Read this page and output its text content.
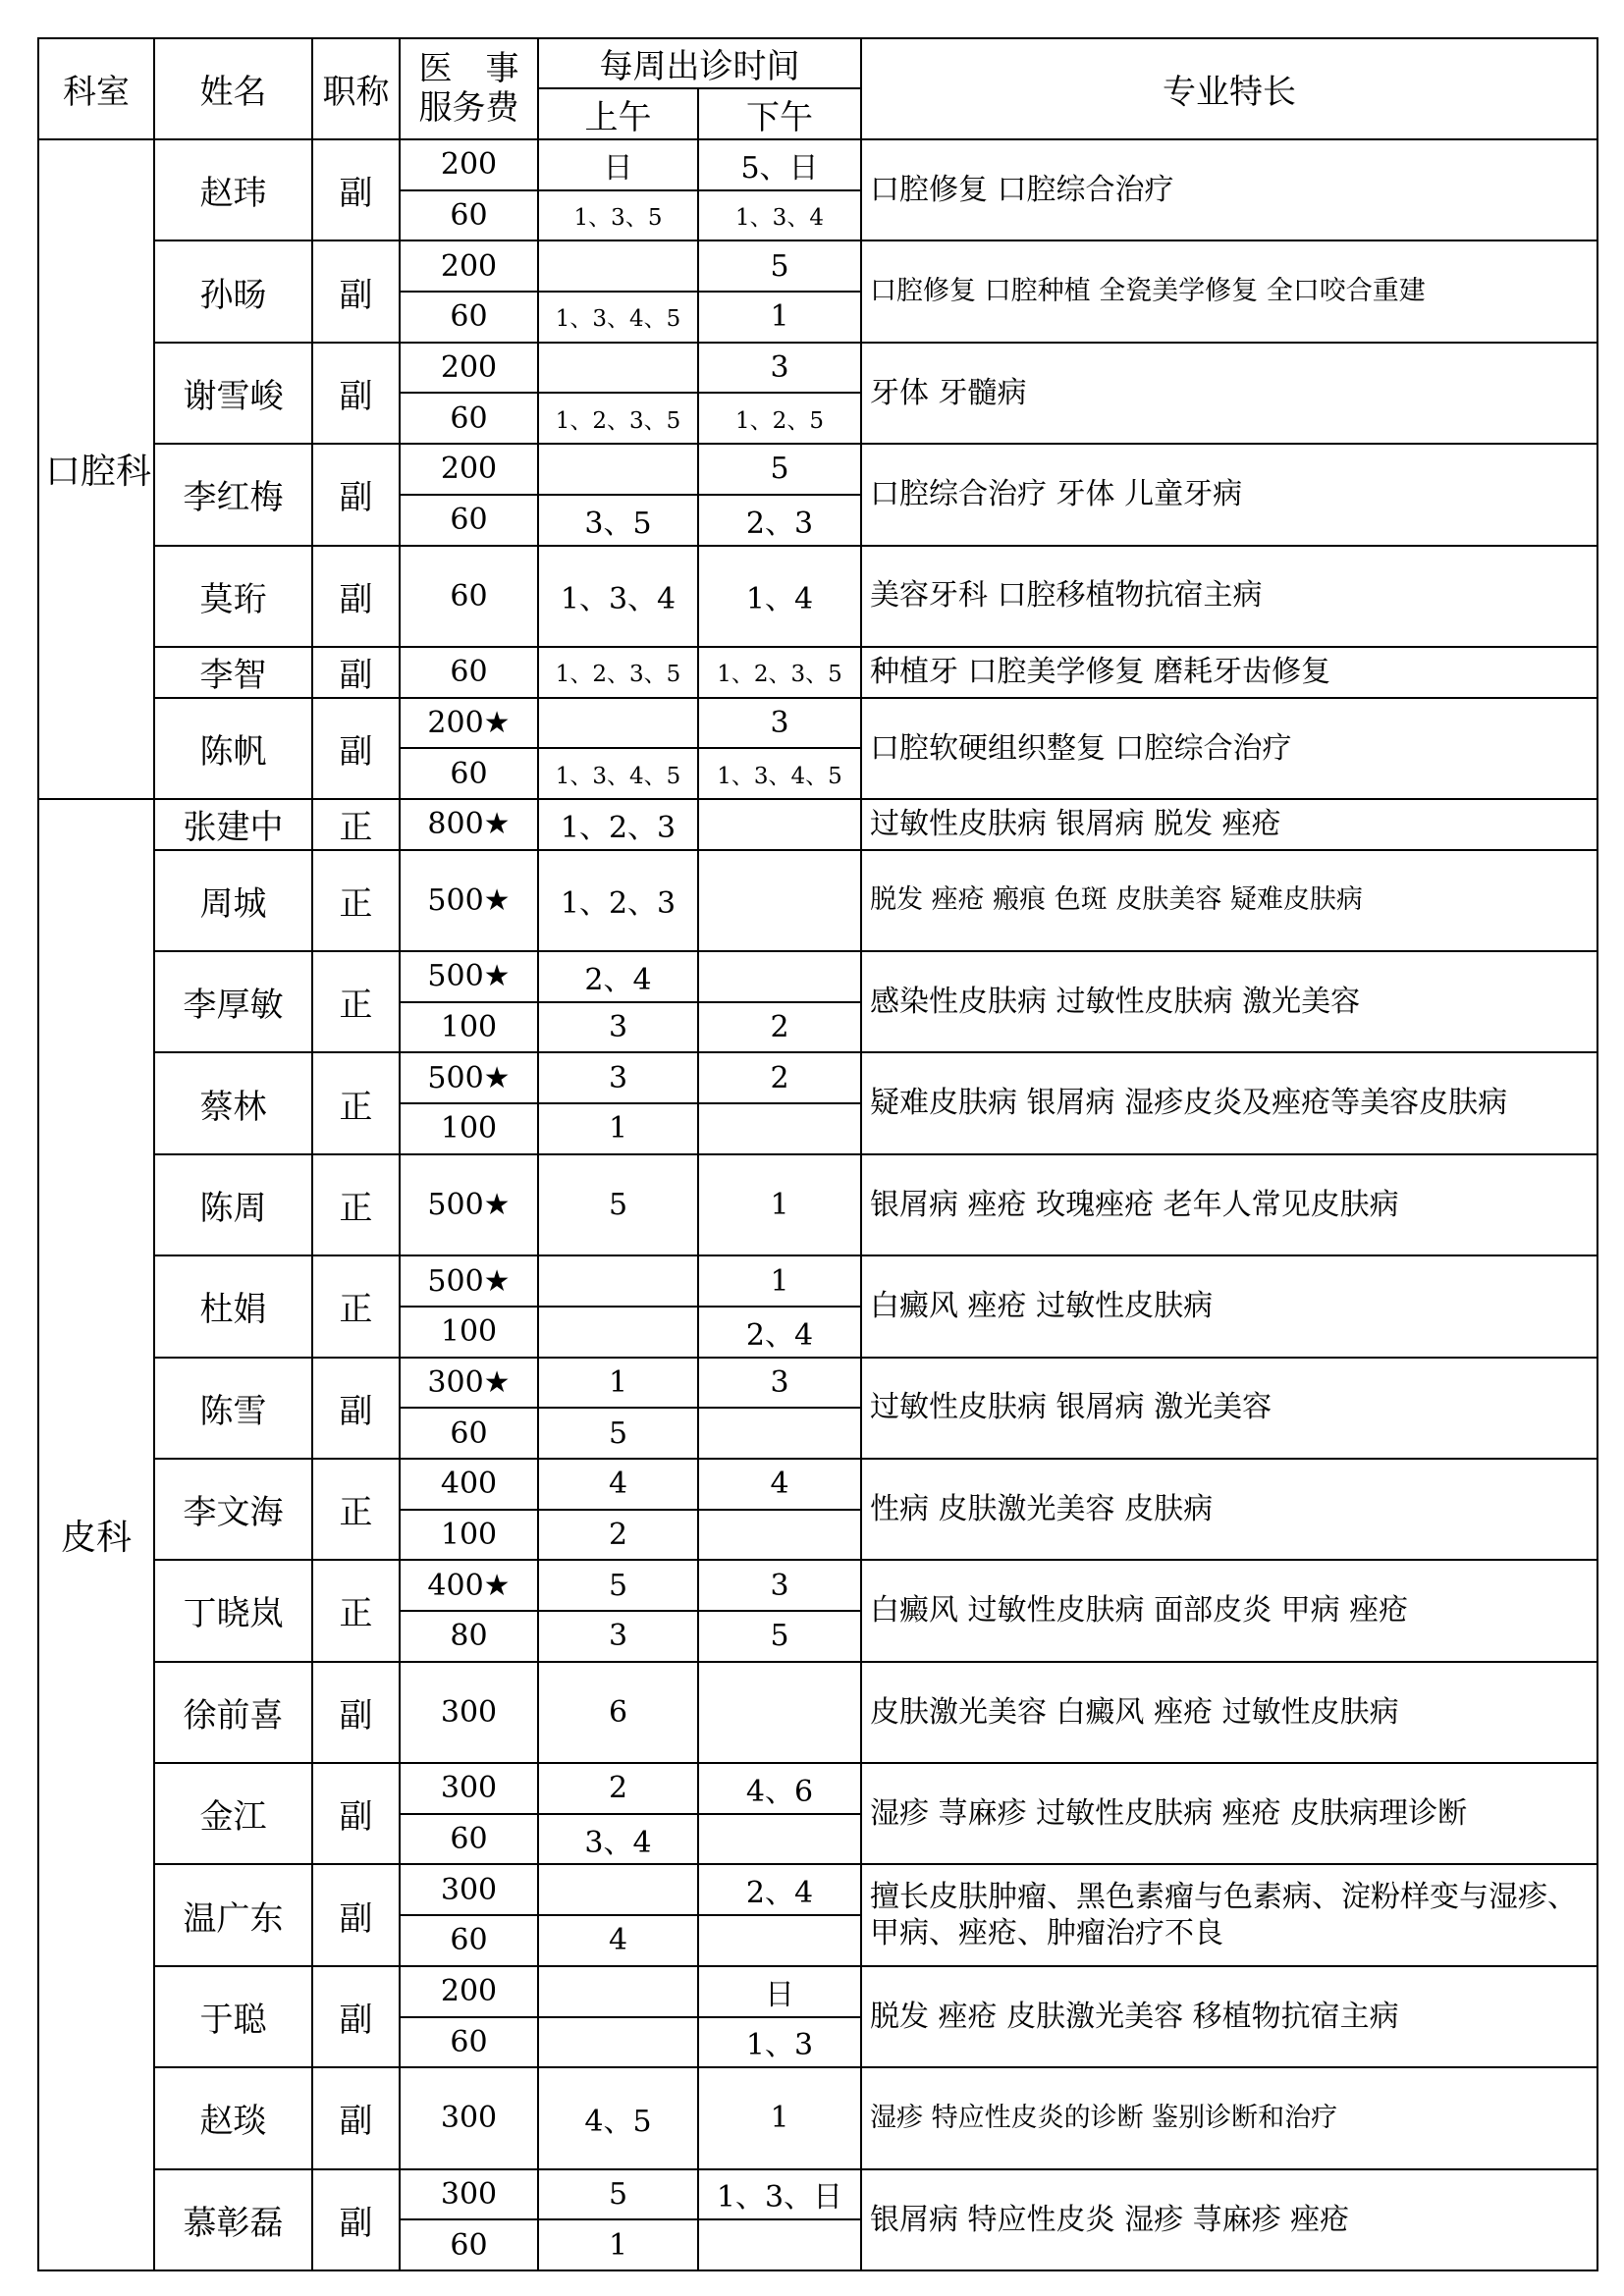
科室	姓名	职称	医　事
服务费	每周出诊时间		专业特长
				上午	下午	
口腔科	赵玮	副	200	日	5、日	口腔修复 口腔综合治疗
			60	1、3、5	1、3、4	
	孙旸	副	200		5	口腔修复 口腔种植 全瓷美学修复 全口咬合重建
			60	1、3、4、5	1	
	谢雪峻	副	200		3	牙体 牙髓病
			60	1、2、3、5	1、2、5	
	李红梅	副	200		5	口腔综合治疗 牙体 儿童牙病
			60	3、5	2、3	
	莫珩	副	60	1、3、4	1、4	美容牙科 口腔移植物抗宿主病
	李智	副	60	1、2、3、5	1、2、3、5	种植牙 口腔美学修复 磨耗牙齿修复
	陈帆	副	200★		3	口腔软硬组织整复 口腔综合治疗
			60	1、3、4、5	1、3、4、5	
皮科	张建中	正	800★	1、2、3		过敏性皮肤病 银屑病 脱发 痤疮
	周城	正	500★	1、2、3		脱发 痤疮 瘢痕 色斑 皮肤美容 疑难皮肤病
	李厚敏	正	500★	2、4		感染性皮肤病 过敏性皮肤病 激光美容
			100	3	2	
	蔡林	正	500★	3	2	疑难皮肤病 银屑病 湿疹皮炎及痤疮等美容皮肤病
			100	1		
	陈周	正	500★	5	1	银屑病 痤疮 玫瑰痤疮 老年人常见皮肤病
	杜娟	正	500★		1	白癜风 痤疮 过敏性皮肤病
			100		2、4	
	陈雪	副	300★	1	3	过敏性皮肤病 银屑病 激光美容
			60	5		
	李文海	正	400	4	4	性病 皮肤激光美容 皮肤病
			100	2		
	丁晓岚	正	400★	5	3	白癜风 过敏性皮肤病 面部皮炎 甲病 痤疮
			80	3	5	
	徐前喜	副	300	6		皮肤激光美容 白癜风 痤疮 过敏性皮肤病
	金江	副	300	2	4、6	湿疹 荨麻疹 过敏性皮肤病 痤疮 皮肤病理诊断
			60	3、4		
	温广东	副	300		2、4	擅长皮肤肿瘤、黑色素瘤与色素病、淀粉样变与湿疹、甲病、痤疮、肿瘤治疗不良
			60	4		
	于聪	副	200		日	脱发 痤疮 皮肤激光美容 移植物抗宿主病
			60		1、3	
	赵琰	副	300	4、5	1	湿疹 特应性皮炎的诊断 鉴别诊断和治疗
	慕彰磊	副	300	5	1、3、日	银屑病 特应性皮炎 湿疹 荨麻疹 痤疮
			60	1		
